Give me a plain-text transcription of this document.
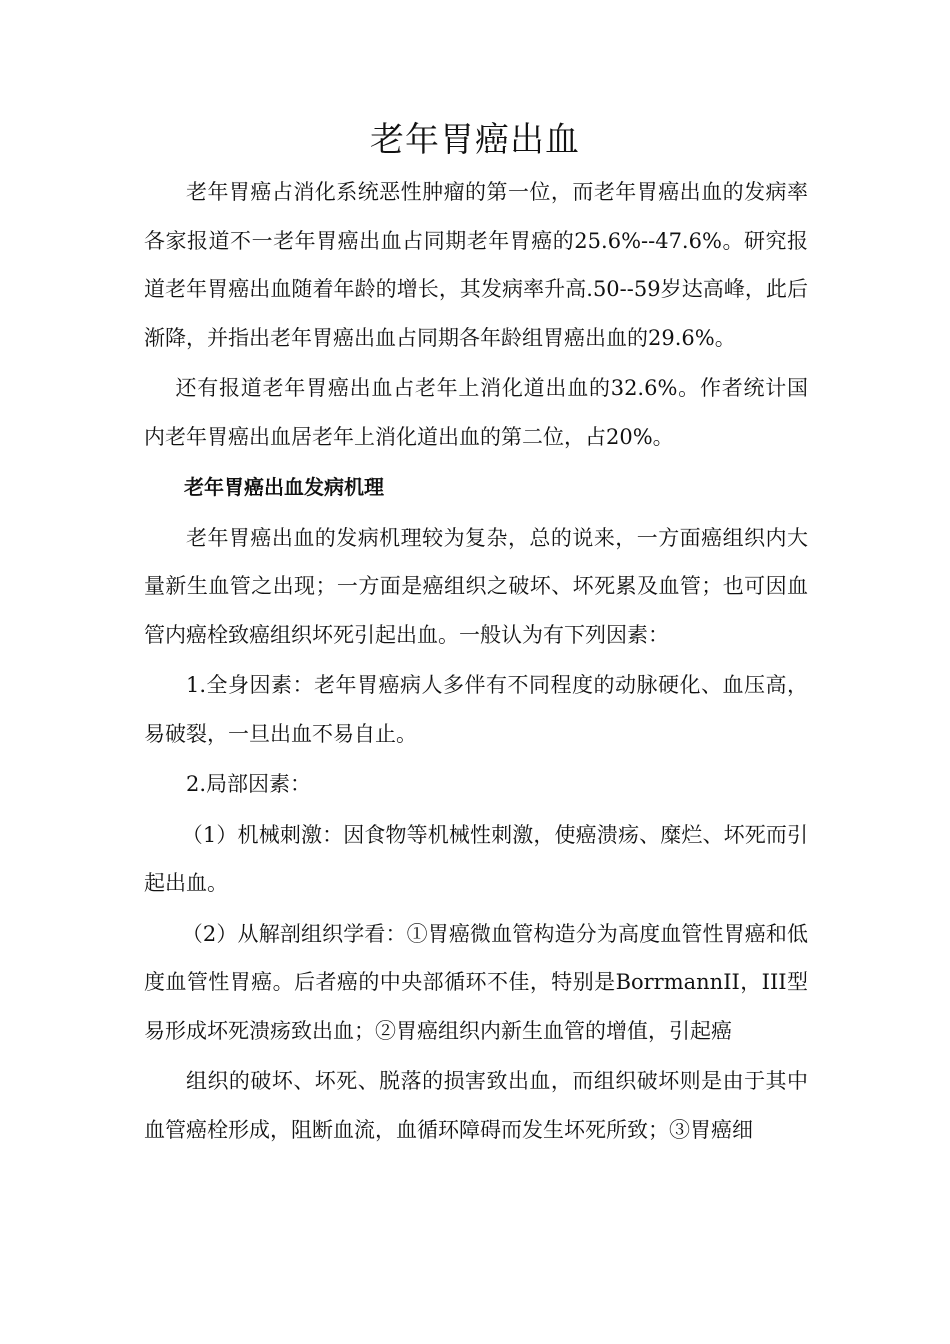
老年胃癌出血

老年胃癌占消化系统恶性肿瘤的第一位，而老年胃癌出血的发病率各家报道不一老年胃癌出血占同期老年胃癌的25.6%--47.6%。研究报道老年胃癌出血随着年龄的增长，其发病率升高.50--59岁达高峰，此后渐降，并指出老年胃癌出血占同期各年龄组胃癌出血的29.6%。

还有报道老年胃癌出血占老年上消化道出血的32.6%。作者统计国内老年胃癌出血居老年上消化道出血的第二位，占20%。

老年胃癌出血发病机理

老年胃癌出血的发病机理较为复杂，总的说来，一方面癌组织内大量新生血管之出现；一方面是癌组织之破坏、坏死累及血管；也可因血管内癌栓致癌组织坏死引起出血。一般认为有下列因素：

1.全身因素：老年胃癌病人多伴有不同程度的动脉硬化、血压高，易破裂，一旦出血不易自止。

2.局部因素：

（1）机械刺激：因食物等机械性刺激，使癌溃疡、糜烂、坏死而引起出血。

（2）从解剖组织学看：①胃癌微血管构造分为高度血管性胃癌和低度血管性胃癌。后者癌的中央部循环不佳，特别是BorrmannII，III型易形成坏死溃疡致出血；②胃癌组织内新生血管的增值，引起癌

组织的破坏、坏死、脱落的损害致出血，而组织破坏则是由于其中血管癌栓形成，阻断血流，血循环障碍而发生坏死所致；③胃癌细
